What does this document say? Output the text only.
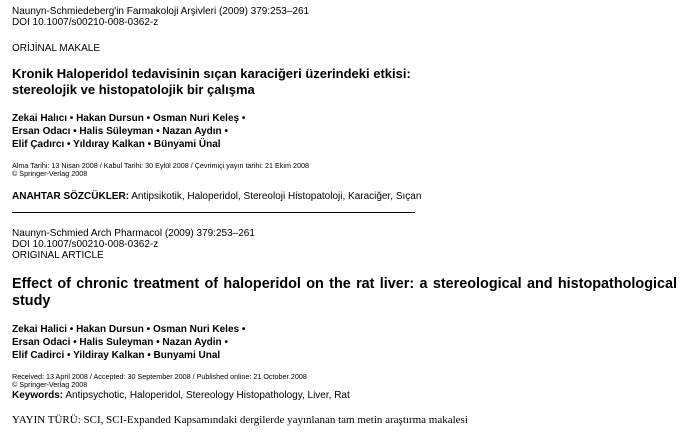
Naunyn-Schmiedeberg'in Farmakoloji Arşivleri (2009) 379:253–261

DOI 10.1007/s00210-008-0362-z

ORİJİNAL MAKALE

Kronik Haloperidol tedavisinin sıçan karaciğeri üzerindeki etkisi:

stereolojik ve histopatolojik bir çalışma

Zekai Halıcı • Hakan Dursun • Osman Nuri Keleş •

Ersan Odacı • Halis Süleyman • Nazan Aydın •

Elif Çadırcı • Yıldıray Kalkan • Bünyami Ünal

Alma Tarihi: 13 Nisan 2008 / Kabul Tarihi: 30 Eylül 2008 / Çevrimiçi yayın tarihi: 21 Ekim 2008

© Springer-Verlag 2008

ANAHTAR SÖZCÜKLER: Antipsikotik, Haloperidol, Stereoloji Histopatoloji, Karaciğer, Sıçan

Naunyn-Schmied Arch Pharmacol (2009) 379:253–261

DOI 10.1007/s00210-008-0362-z

ORIGINAL ARTICLE

Effect of chronic treatment of haloperidol on the rat liver: a stereological and histopathological study

Zekai Halici • Hakan Dursun • Osman Nuri Keles •

Ersan Odaci • Halis Suleyman • Nazan Aydin •

Elif Cadirci • Yildiray Kalkan • Bunyami Unal

Received: 13 April 2008 / Accepted: 30 September 2008 / Published online: 21 October 2008

© Springer-Verlag 2008

Keywords: Antipsychotic, Haloperidol, Stereology Histopathology, Liver, Rat

YAYIN TÜRÜ: SCI, SCI-Expanded Kapsamındaki dergilerde yayınlanan tam metin araştırma makalesi
